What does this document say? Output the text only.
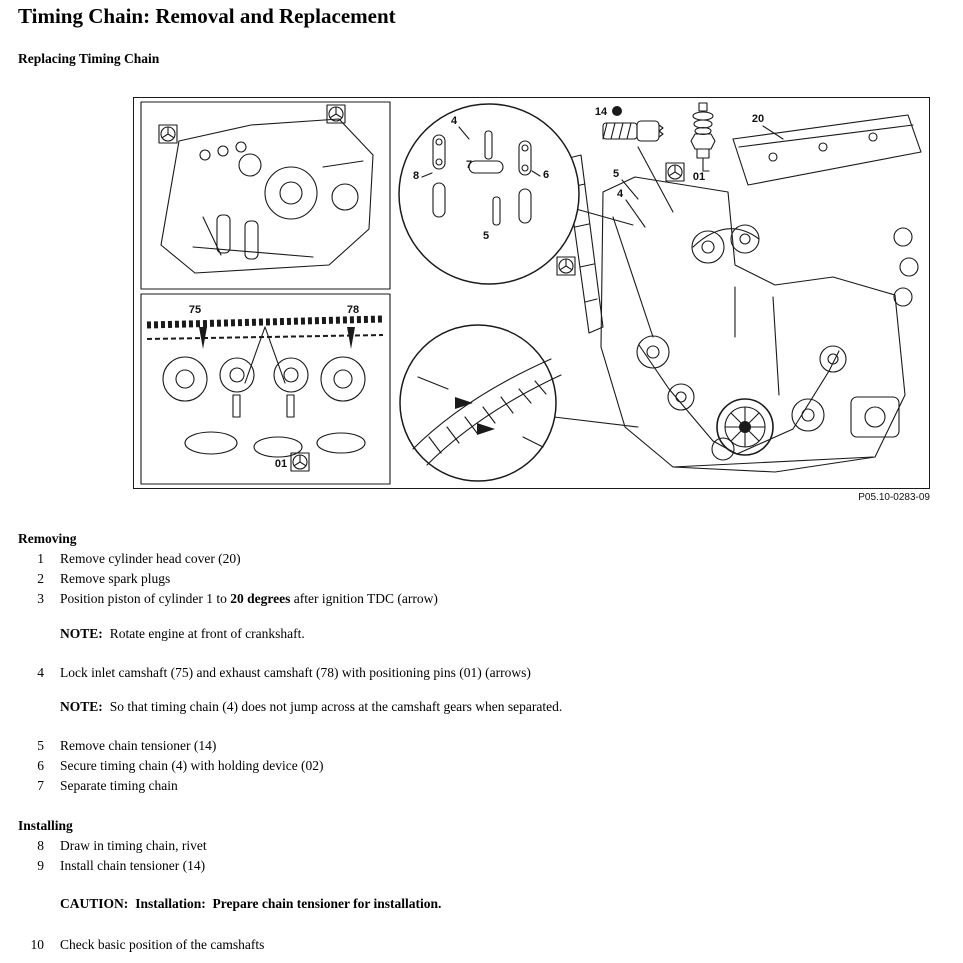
Timing Chain: Removal and Replacement
Replacing Timing Chain
01
5
4
14
20
75	78
01
4
8
7
6
5
P05.10-0283-09
Removing
1 Remove cylinder head cover (20)
2 Remove spark plugs
3 Position piston of cylinder 1 to 20 degrees after ignition TDC (arrow)
NOTE: Rotate engine at front of crankshaft.
4 Lock inlet camshaft (75) and exhaust camshaft (78) with positioning pins (01) (arrows)
NOTE: So that timing chain (4) does not jump across at the camshaft gears when separated.
5 Remove chain tensioner (14)
6 Secure timing chain (4) with holding device (02)
7 Separate timing chain
Installing
8 Draw in timing chain, rivet
9 Install chain tensioner (14)
CAUTION: Installation:  Prepare chain tensioner for installation.
10 Check basic position of the camshafts
